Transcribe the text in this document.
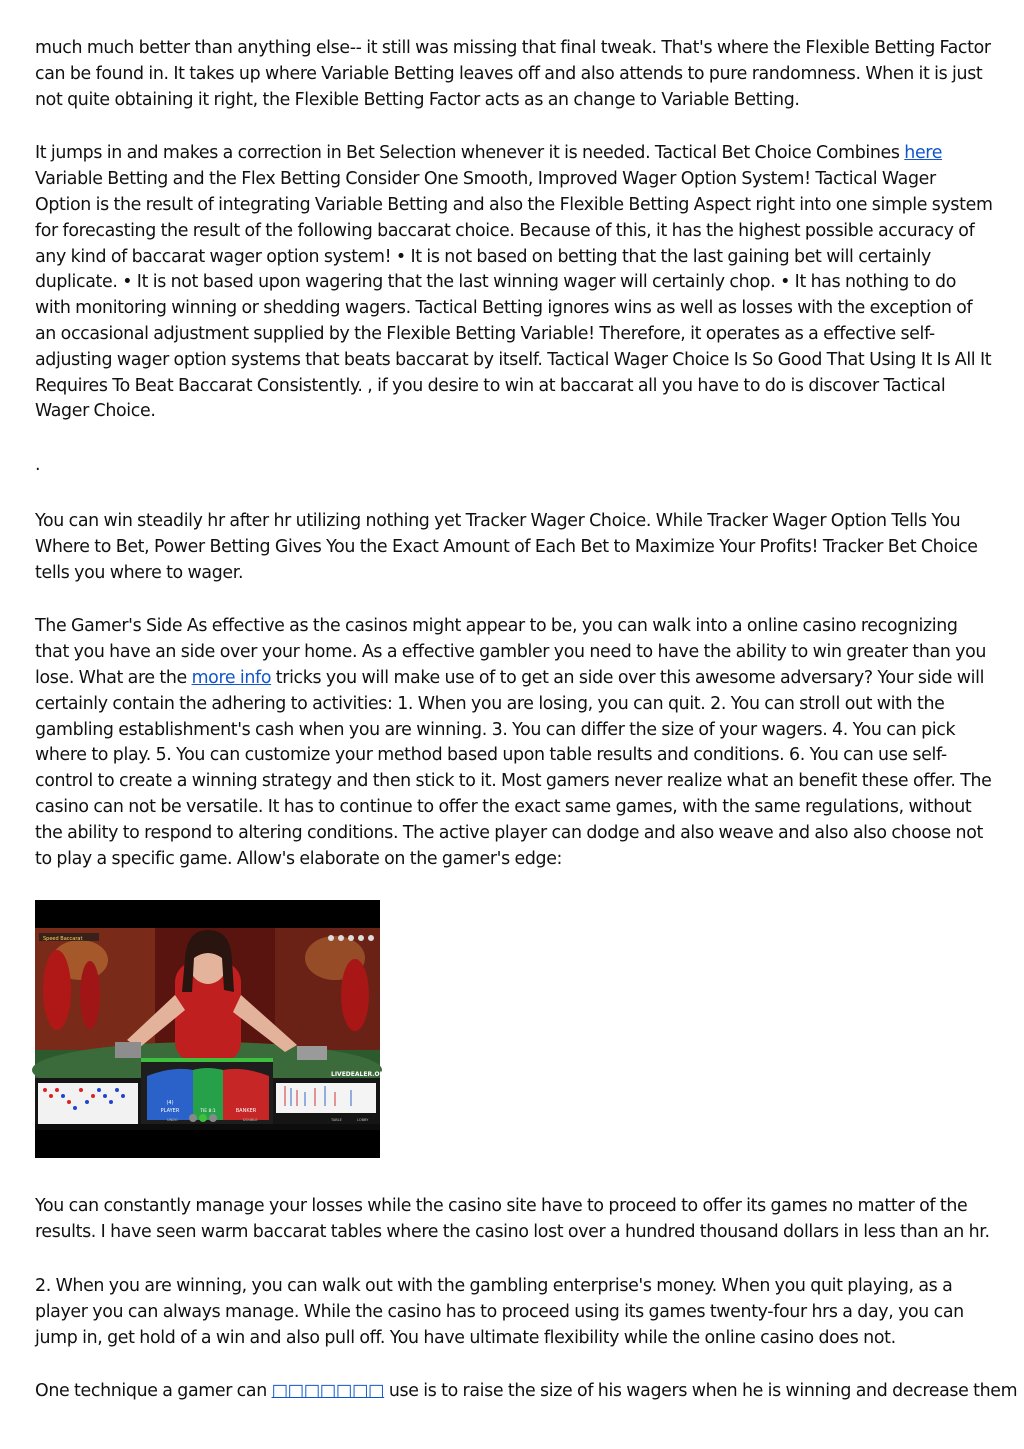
much much better than anything else-- it still was missing that final tweak. That's where the Flexible Betting Factor can be found in. It takes up where Variable Betting leaves off and also attends to pure randomness. When it is just not quite obtaining it right, the Flexible Betting Factor acts as an change to Variable Betting.

It jumps in and makes a correction in Bet Selection whenever it is needed. Tactical Bet Choice Combines here Variable Betting and the Flex Betting Consider One Smooth, Improved Wager Option System! Tactical Wager Option is the result of integrating Variable Betting and also the Flexible Betting Aspect right into one simple system for forecasting the result of the following baccarat choice. Because of this, it has the highest possible accuracy of any kind of baccarat wager option system! • It is not based on betting that the last gaining bet will certainly duplicate. • It is not based upon wagering that the last winning wager will certainly chop. • It has nothing to do with monitoring winning or shedding wagers. Tactical Betting ignores wins as well as losses with the exception of an occasional adjustment supplied by the Flexible Betting Variable! Therefore, it operates as a effective self-adjusting wager option systems that beats baccarat by itself. Tactical Wager Choice Is So Good That Using It Is All It Requires To Beat Baccarat Consistently. , if you desire to win at baccarat all you have to do is discover Tactical Wager Choice.

.

You can win steadily hr after hr utilizing nothing yet Tracker Wager Choice. While Tracker Wager Option Tells You Where to Bet, Power Betting Gives You the Exact Amount of Each Bet to Maximize Your Profits! Tracker Bet Choice tells you where to wager.

The Gamer's Side As effective as the casinos might appear to be, you can walk into a online casino recognizing that you have an side over your home. As a effective gambler you need to have the ability to win greater than you lose. What are the more info tricks you will make use of to get an side over this awesome adversary? Your side will certainly contain the adhering to activities: 1. When you are losing, you can quit. 2. You can stroll out with the gambling establishment's cash when you are winning. 3. You can differ the size of your wagers. 4. You can pick where to play. 5. You can customize your method based upon table results and conditions. 6. You can use self-control to create a winning strategy and then stick to it. Most gamers never realize what an benefit these offer. The casino can not be versatile. It has to continue to offer the exact same games, with the same regulations, without the ability to respond to altering conditions. The active player can dodge and also weave and also also choose not to play a specific game. Allow's elaborate on the gamer's edge:

Speed Baccarat
(4)
PLAYER	TIE 8:1	BANKER
LIVEDEALER.ORG
UNDO	DOUBLE	TABLE	LOBBY

You can constantly manage your losses while the casino site have to proceed to offer its games no matter of the results. I have seen warm baccarat tables where the casino lost over a hundred thousand dollars in less than an hr.

2. When you are winning, you can walk out with the gambling enterprise's money. When you quit playing, as a player you can always manage. While the casino has to proceed using its games twenty-four hrs a day, you can jump in, get hold of a win and also pull off. You have ultimate flexibility while the online casino does not.

One technique a gamer can □□□□□□□ use is to raise the size of his wagers when he is winning and decrease them
